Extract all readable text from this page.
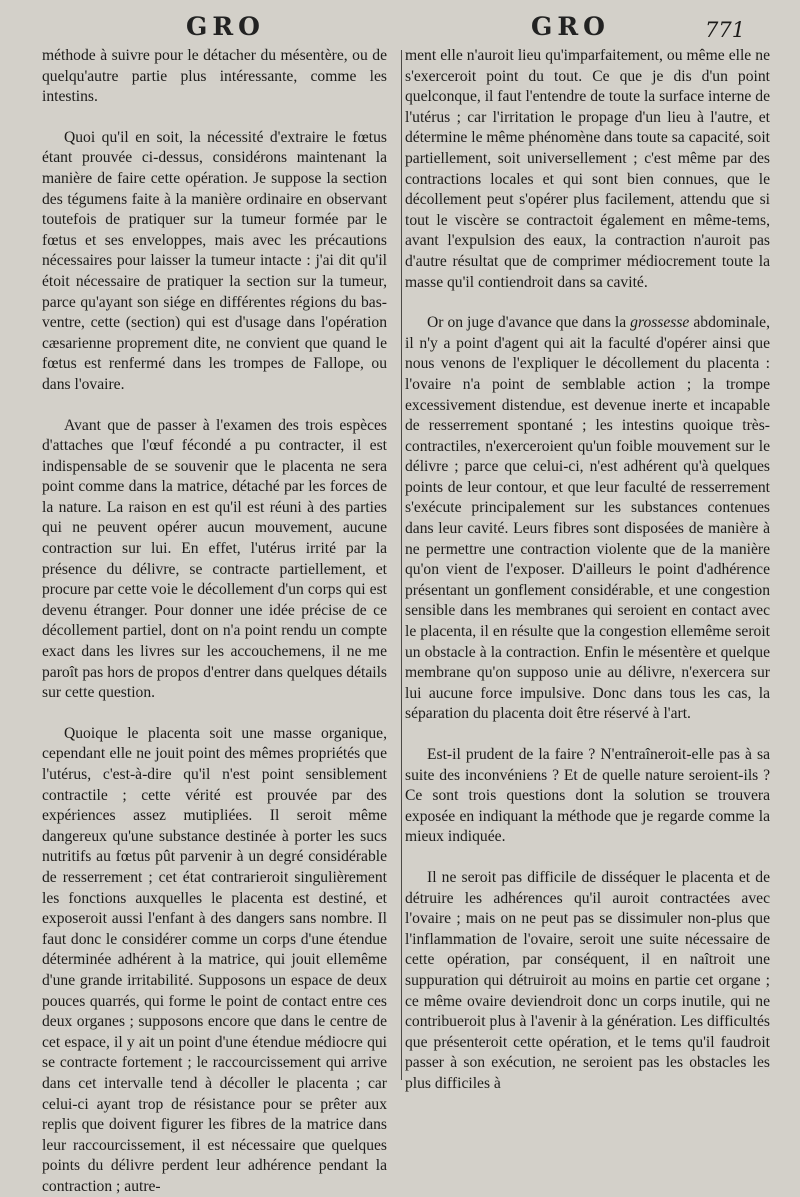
GRO	GRO	771

méthode à suivre pour le détacher du mésentère, ou de quelqu'autre partie plus intéressante, comme les intestins.

Quoi qu'il en soit, la nécessité d'extraire le fœtus étant prouvée ci-dessus, considérons maintenant la manière de faire cette opération. Je suppose la section des tégumens faite à la manière ordinaire en observant toutefois de pratiquer sur la tumeur formée par le fœtus et ses enveloppes, mais avec les précautions nécessaires pour laisser la tumeur intacte : j'ai dit qu'il étoit nécessaire de pratiquer la section sur la tumeur, parce qu'ayant son siége en différentes régions du bas-ventre, cette (section) qui est d'usage dans l'opération cæsarienne proprement dite, ne convient que quand le fœtus est renfermé dans les trompes de Fallope, ou dans l'ovaire.

Avant que de passer à l'examen des trois espèces d'attaches que l'œuf fécondé a pu contracter, il est indispensable de se souvenir que le placenta ne sera point comme dans la matrice, détaché par les forces de la nature. La raison en est qu'il est réuni à des parties qui ne peuvent opérer aucun mouvement, aucune contraction sur lui. En effet, l'utérus irrité par la présence du délivre, se contracte partiellement, et procure par cette voie le décollement d'un corps qui est devenu étranger. Pour donner une idée précise de ce décollement partiel, dont on n'a point rendu un compte exact dans les livres sur les accouchemens, il ne me paroît pas hors de propos d'entrer dans quelques détails sur cette question.

Quoique le placenta soit une masse organique, cependant elle ne jouit point des mêmes propriétés que l'utérus, c'est-à-dire qu'il n'est point sensiblement contractile ; cette vérité est prouvée par des expériences assez mutipliées. Il seroit même dangereux qu'une substance destinée à porter les sucs nutritifs au fœtus pût parvenir à un degré considérable de resserrement ; cet état contrarieroit singulièrement les fonctions auxquelles le placenta est destiné, et exposeroit aussi l'enfant à des dangers sans nombre. Il faut donc le considérer comme un corps d'une étendue déterminée adhérent à la matrice, qui jouit ellemême d'une grande irritabilité. Supposons un espace de deux pouces quarrés, qui forme le point de contact entre ces deux organes ; supposons encore que dans le centre de cet espace, il y ait un point d'une étendue médiocre qui se contracte fortement ; le raccourcissement qui arrive dans cet intervalle tend à décoller le placenta ; car celui-ci ayant trop de résistance pour se prêter aux replis que doivent figurer les fibres de la matrice dans leur raccourcissement, il est nécessaire que quelques points du délivre perdent leur adhérence pendant la contraction ; autre-

ment elle n'auroit lieu qu'imparfaitement, ou même elle ne s'exerceroit point du tout. Ce que je dis d'un point quelconque, il faut l'entendre de toute la surface interne de l'utérus ; car l'irritation le propage d'un lieu à l'autre, et détermine le même phénomène dans toute sa capacité, soit partiellement, soit universellement ; c'est même par des contractions locales et qui sont bien connues, que le décollement peut s'opérer plus facilement, attendu que si tout le viscère se contractoit également en même-tems, avant l'expulsion des eaux, la contraction n'auroit pas d'autre résultat que de comprimer médiocrement toute la masse qu'il contiendroit dans sa cavité.

Or on juge d'avance que dans la grossesse abdominale, il n'y a point d'agent qui ait la faculté d'opérer ainsi que nous venons de l'expliquer le décollement du placenta : l'ovaire n'a point de semblable action ; la trompe excessivement distendue, est devenue inerte et incapable de resserrement spontané ; les intestins quoique très-contractiles, n'exerceroient qu'un foible mouvement sur le délivre ; parce que celui-ci, n'est adhérent qu'à quelques points de leur contour, et que leur faculté de resserrement s'exécute principalement sur les substances contenues dans leur cavité. Leurs fibres sont disposées de manière à ne permettre une contraction violente que de la manière qu'on vient de l'exposer. D'ailleurs le point d'adhérence présentant un gonflement considérable, et une congestion sensible dans les membranes qui seroient en contact avec le placenta, il en résulte que la congestion ellemême seroit un obstacle à la contraction. Enfin le mésentère et quelque membrane qu'on supposo unie au délivre, n'exercera sur lui aucune force impulsive. Donc dans tous les cas, la séparation du placenta doit être réservé à l'art.

Est-il prudent de la faire ? N'entraîneroit-elle pas à sa suite des inconvéniens ? Et de quelle nature seroient-ils ? Ce sont trois questions dont la solution se trouvera exposée en indiquant la méthode que je regarde comme la mieux indiquée.

Il ne seroit pas difficile de disséquer le placenta et de détruire les adhérences qu'il auroit contractées avec l'ovaire ; mais on ne peut pas se dissimuler non-plus que l'inflammation de l'ovaire, seroit une suite nécessaire de cette opération, par conséquent, il en naîtroit une suppuration qui détruiroit au moins en partie cet organe ; ce même ovaire deviendroit donc un corps inutile, qui ne contribueroit plus à l'avenir à la génération. Les difficultés que présenteroit cette opération, et le tems qu'il faudroit passer à son exécution, ne seroient pas les obstacles les plus difficiles à
